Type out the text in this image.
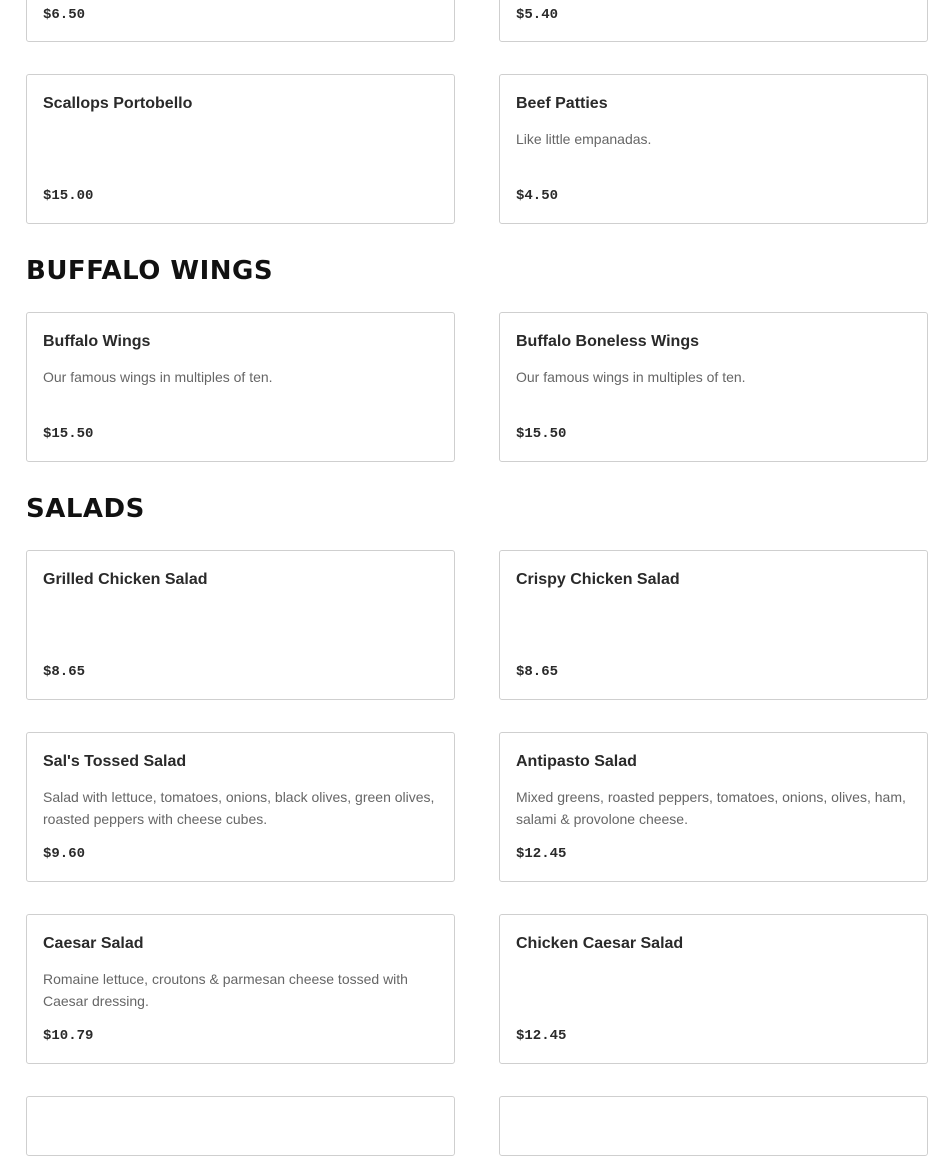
$6.50	$5.40
Scallops Portobello
$15.00
Beef Patties
Like little empanadas.
$4.50
BUFFALO WINGS
Buffalo Wings
Our famous wings in multiples of ten.
$15.50
Buffalo Boneless Wings
Our famous wings in multiples of ten.
$15.50
SALADS
Grilled Chicken Salad
$8.65
Crispy Chicken Salad
$8.65
Sal's Tossed Salad
Salad with lettuce, tomatoes, onions, black olives, green olives, roasted peppers with cheese cubes.
$9.60
Antipasto Salad
Mixed greens, roasted peppers, tomatoes, onions, olives, ham, salami & provolone cheese.
$12.45
Caesar Salad
Romaine lettuce, croutons & parmesan cheese tossed with Caesar dressing.
$10.79
Chicken Caesar Salad
$12.45
